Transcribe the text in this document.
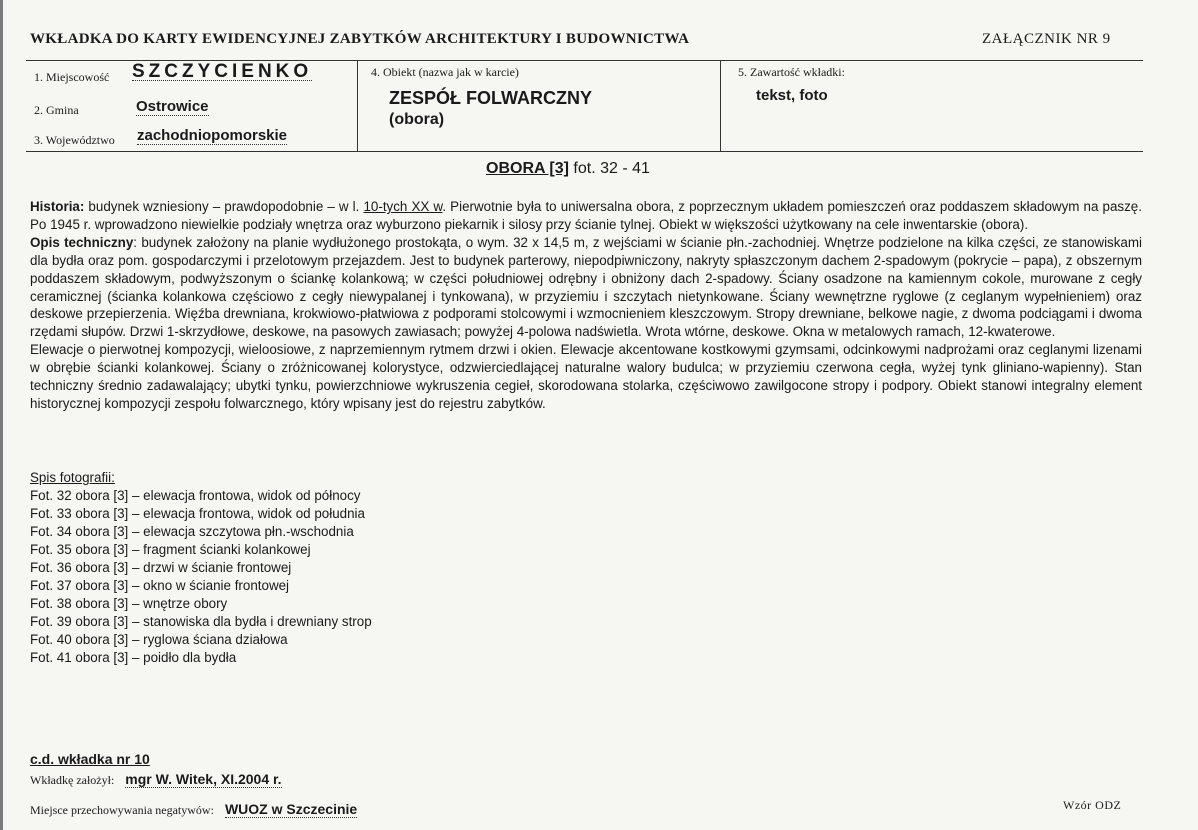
WKŁADKA DO KARTY EWIDENCYJNEJ ZABYTKÓW ARCHITEKTURY I BUDOWNICTWA	ZAŁĄCZNIK NR 9
1. Miejscowość SZCZYCIENKO
2. Gmina	Ostrowice
3. Województwo zachodniopomorskie
4. Obiekt (nazwa jak w karcie)
ZESPÓŁ FOLWARCZNY
(obora)
5. Zawartość wkładki:
tekst, foto
OBORA [3] fot. 32 - 41

Historia: budynek wzniesiony – prawdopodobnie – w l. 10-tych XX w. Pierwotnie była to uniwersalna obora, z poprzecznym układem pomieszczeń oraz poddaszem składowym na paszę. Po 1945 r. wprowadzono niewielkie podziały wnętrza oraz wyburzono piekarnik i silosy przy ścianie tylnej. Obiekt w większości użytkowany na cele inwentarskie (obora).

Opis techniczny: budynek założony na planie wydłużonego prostokąta, o wym. 32 x 14,5 m, z wejściami w ścianie płn.-zachodniej. Wnętrze podzielone na kilka części, ze stanowiskami dla bydła oraz pom. gospodarczymi i przelotowym przejazdem. Jest to budynek parterowy, niepodpiwniczony, nakryty spłaszczonym dachem 2-spadowym (pokrycie – papa), z obszernym poddaszem składowym, podwyższonym o ściankę kolankową; w części południowej odrębny i obniżony dach 2-spadowy. Ściany osadzone na kamiennym cokole, murowane z cegły ceramicznej (ścianka kolankowa częściowo z cegły niewypalanej i tynkowana), w przyziemiu i szczytach nietynkowane. Ściany wewnętrzne ryglowe (z ceglanym wypełnieniem) oraz deskowe przepierzenia. Więźba drewniana, krokwiowo-płatwiowa z podporami stolcowymi i wzmocnieniem kleszczowym. Stropy drewniane, belkowe nagie, z dwoma podciągami i dwoma rzędami słupów. Drzwi 1-skrzydłowe, deskowe, na pasowych zawiasach; powyżej 4-polowa nadświetla. Wrota wtórne, deskowe. Okna w metalowych ramach, 12-kwaterowe.

Elewacje o pierwotnej kompozycji, wieloosiowe, z naprzemiennym rytmem drzwi i okien. Elewacje akcentowane kostkowymi gzymsami, odcinkowymi nadprożami oraz ceglanymi lizenami w obrębie ścianki kolankowej. Ściany o zróżnicowanej kolorystyce, odzwierciedlającej naturalne walory budulca; w przyziemiu czerwona cegła, wyżej tynk gliniano-wapienny). Stan techniczny średnio zadawalający; ubytki tynku, powierzchniowe wykruszenia cegieł, skorodowana stolarka, częściwowo zawilgocone stropy i podpory. Obiekt stanowi integralny element historycznej kompozycji zespołu folwarcznego, który wpisany jest do rejestru zabytków.

Spis fotografii:
Fot. 32 obora [3] – elewacja frontowa, widok od północy
Fot. 33 obora [3] – elewacja frontowa, widok od południa
Fot. 34 obora [3] – elewacja szczytowa płn.-wschodnia
Fot. 35 obora [3] – fragment ścianki kolankowej
Fot. 36 obora [3] – drzwi w ścianie frontowej
Fot. 37 obora [3] – okno w ścianie frontowej
Fot. 38 obora [3] – wnętrze obory
Fot. 39 obora [3] – stanowiska dla bydła i drewniany strop
Fot. 40 obora [3] – ryglowa ściana działowa
Fot. 41 obora [3] – poidło dla bydła
c.d. wkładka nr 10
Wkładkę założył: mgr W. Witek, XI.2004 r.
Miejsce przechowywania negatywów: WUOZ w Szczecinie	Wzór ODZ
